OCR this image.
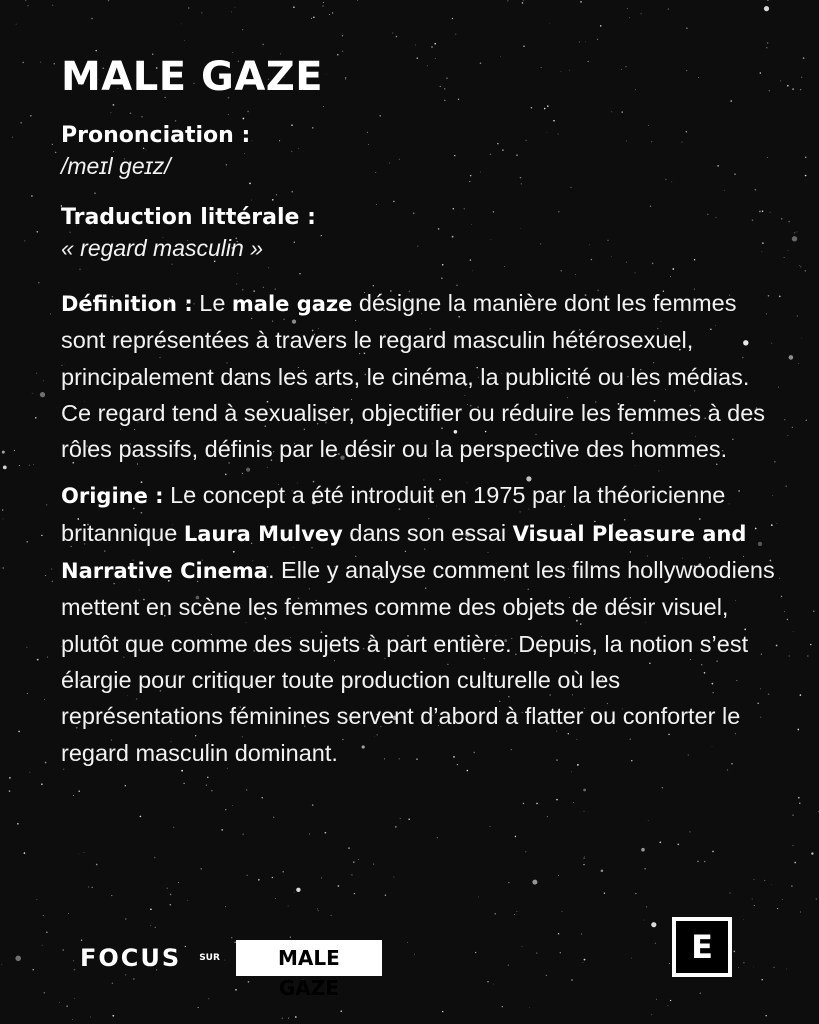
MALE GAZE
Prononciation :
/meɪl ɡeɪz/
Traduction littérale :
« regard masculin »

Définition : Le male gaze désigne la manière dont les femmes sont représentées à travers le regard masculin hétérosexuel, principalement dans les arts, le cinéma, la publicité ou les médias. Ce regard tend à sexualiser, objectifier ou réduire les femmes à des rôles passifs, définis par le désir ou la perspective des hommes.

Origine : Le concept a été introduit en 1975 par la théoricienne britannique Laura Mulvey dans son essai Visual Pleasure and Narrative Cinema. Elle y analyse comment les films hollywoodiens mettent en scène les femmes comme des objets de désir visuel, plutôt que comme des sujets à part entière. Depuis, la notion s’est élargie pour critiquer toute production culturelle où les représentations féminines servent d’abord à flatter ou conforter le regard masculin dominant.

FOCUS SUR	MALE GAZE
E
